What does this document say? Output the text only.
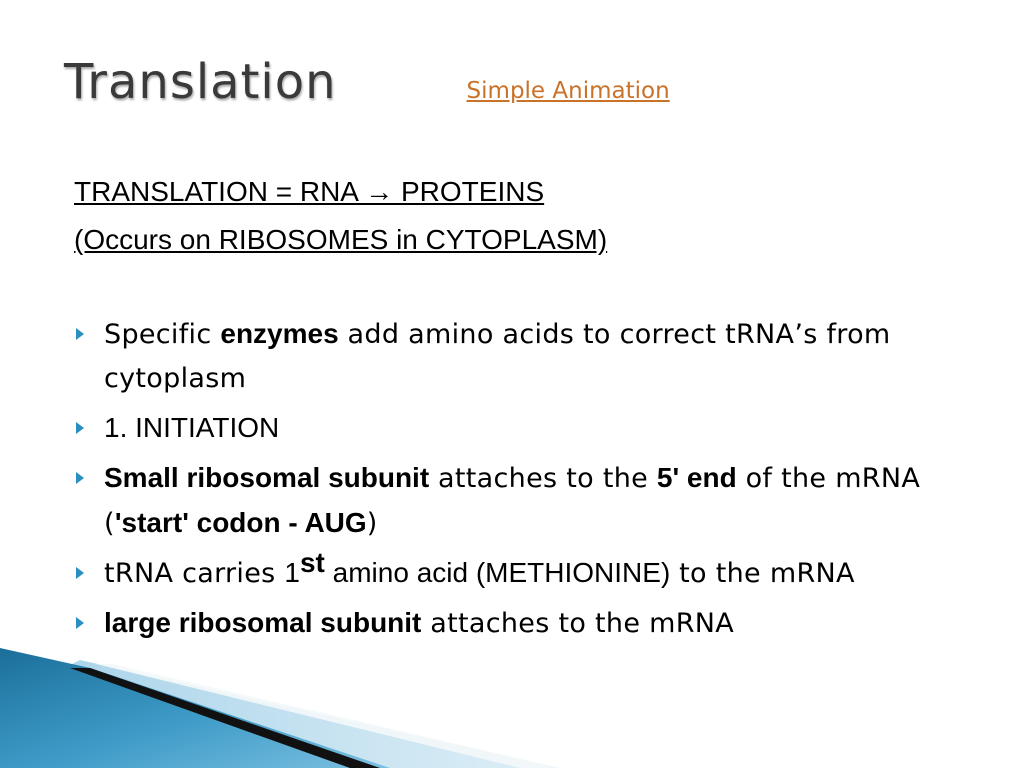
Translation	Simple Animation
TRANSLATION = RNA → PROTEINS
(Occurs on RIBOSOMES in CYTOPLASM)
Specific enzymes add amino acids to correct tRNA’s from cytoplasm
1. INITIATION
Small ribosomal subunit attaches to the 5' end of the mRNA ('start' codon - AUG)
tRNA carries 1st amino acid (METHIONINE) to the mRNA
large ribosomal subunit attaches to the mRNA
